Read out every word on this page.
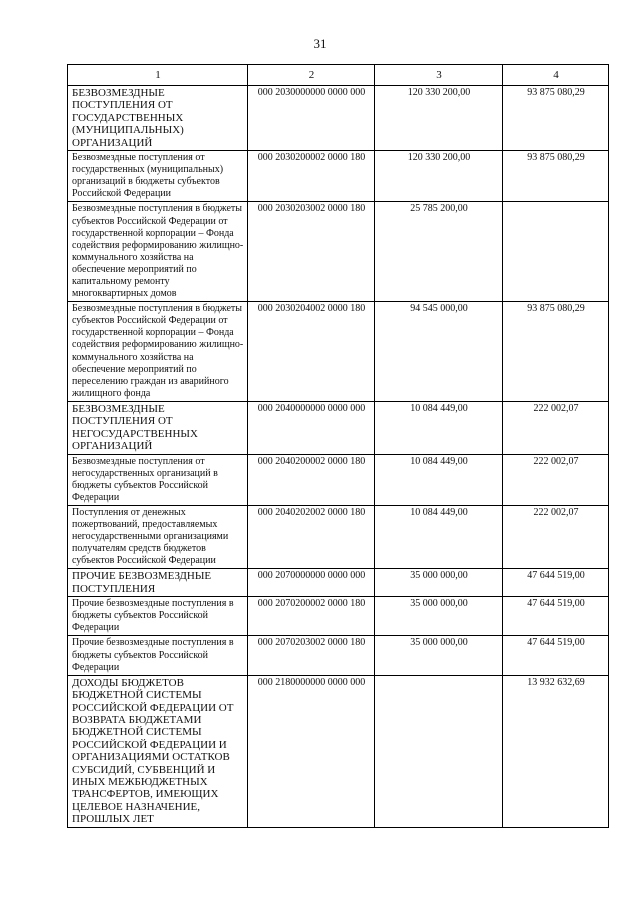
31
1	2	3	4
БЕЗВОЗМЕЗДНЫЕ ПОСТУПЛЕНИЯ ОТ ГОСУДАРСТВЕННЫХ (МУНИЦИПАЛЬНЫХ) ОРГАНИЗАЦИЙ	000 2030000000 0000 000	120 330 200,00	93 875 080,29
Безвозмездные поступления от государственных (муниципальных) организаций в бюджеты субъектов Российской Федерации	000 2030200002 0000 180	120 330 200,00	93 875 080,29
Безвозмездные поступления в бюджеты субъектов Российской Федерации от государственной корпорации – Фонда содействия реформированию жилищно-коммунального хозяйства на обеспечение мероприятий по капитальному ремонту многоквартирных домов	000 2030203002 0000 180	25 785 200,00	
Безвозмездные поступления в бюджеты субъектов Российской Федерации от государственной корпорации – Фонда содействия реформированию жилищно-коммунального хозяйства на обеспечение мероприятий по переселению граждан из аварийного жилищного фонда	000 2030204002 0000 180	94 545 000,00	93 875 080,29
БЕЗВОЗМЕЗДНЫЕ ПОСТУПЛЕНИЯ ОТ НЕГОСУДАРСТВЕННЫХ ОРГАНИЗАЦИЙ	000 2040000000 0000 000	10 084 449,00	222 002,07
Безвозмездные поступления от негосударственных организаций в бюджеты субъектов Российской Федерации	000 2040200002 0000 180	10 084 449,00	222 002,07
Поступления от денежных пожертвований, предоставляемых негосударственными организациями получателям средств бюджетов субъектов Российской Федерации	000 2040202002 0000 180	10 084 449,00	222 002,07
ПРОЧИЕ БЕЗВОЗМЕЗДНЫЕ ПОСТУПЛЕНИЯ	000 2070000000 0000 000	35 000 000,00	47 644 519,00
Прочие безвозмездные поступления в бюджеты субъектов Российской Федерации	000 2070200002 0000 180	35 000 000,00	47 644 519,00
Прочие безвозмездные поступления в бюджеты субъектов Российской Федерации	000 2070203002 0000 180	35 000 000,00	47 644 519,00
ДОХОДЫ БЮДЖЕТОВ БЮДЖЕТНОЙ СИСТЕМЫ РОССИЙСКОЙ ФЕДЕРАЦИИ ОТ ВОЗВРАТА БЮДЖЕТАМИ БЮДЖЕТНОЙ СИСТЕМЫ РОССИЙСКОЙ ФЕДЕРАЦИИ И ОРГАНИЗАЦИЯМИ ОСТАТКОВ СУБСИДИЙ, СУБВЕНЦИЙ И ИНЫХ МЕЖБЮДЖЕТНЫХ ТРАНСФЕРТОВ, ИМЕЮЩИХ ЦЕЛЕВОЕ НАЗНАЧЕНИЕ, ПРОШЛЫХ ЛЕТ	000 2180000000 0000 000		13 932 632,69
